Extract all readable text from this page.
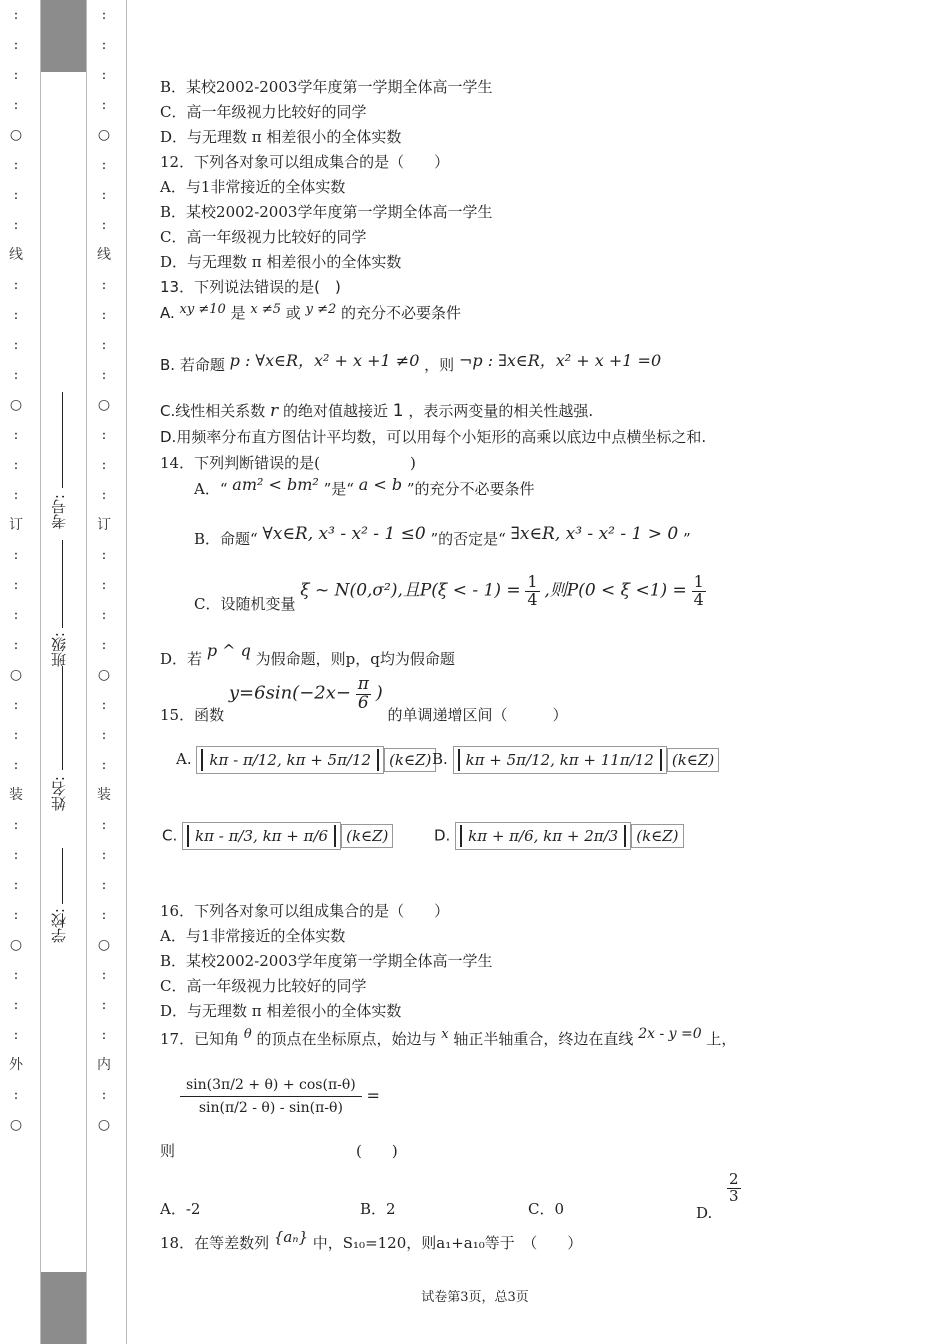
:
:
:
:
○
:
:
:
线
:
:
:
:
○
:
:
:
订
:
:
:
:
○
:
:
:
装
:
:
:
:
○
:
:
:
外
:
○
:
:
:
:
○
:
:
:
线
:
:
:
:
○
:
:
:
订
:
:
:
:
○
:
:
:
装
:
:
:
:
○
:
:
:
内
:
○
学校:
姓名:
班级:
考号:
B．某校2002-2003学年度第一学期全体高一学生
C．高一年级视力比较好的同学
D．与无理数 π 相差很小的全体实数
12．下列各对象可以组成集合的是（　　）
A．与1非常接近的全体实数
B．某校2002-2003学年度第一学期全体高一学生
C．高一年级视力比较好的同学
D．与无理数 π 相差很小的全体实数
13．下列说法错误的是(　)
A. xy ≠10 是 x ≠5 或 y ≠2 的充分不必要条件
B. 若命题 p : ∀x∈R，x² + x +1 ≠0 ，则 ¬p : ∃x∈R，x² + x +1 =0
C.线性相关系数 r 的绝对值越接近 1 ，表示两变量的相关性越强.
D.用频率分布直方图估计平均数，可以用每个小矩形的高乘以底边中点横坐标之和.
14．下列判断错误的是(　　　　　　)
A．“ am² < bm² ”是“ a < b ”的充分不必要条件
B．命题“ ∀x∈R, x³ - x² - 1 ≤0 ”的否定是“ ∃x∈R, x³ - x² - 1 > 0 ”
C．设随机变量 ξ ~ N(0,σ²),且P(ξ < - $1) = \frac{1}{4}$ ,则$P(0 < \xi <1) = \frac{1}{4}$
D．若 p ^ q 为假命题，则p，q均为假命题
15．函数 $y=6\sin(-2x- \frac{\pi}{6}$ ) 的单调递增区间（　　　）
A. kπ - π/12, kπ + 5π/12 (k∈Z) B. kπ + 5π/12, kπ + 11π/12 (k∈Z)
C. kπ - π/3, kπ + π/6 (k∈Z)	D. kπ + π/6, kπ + 2π/3 (k∈Z)
16．下列各对象可以组成集合的是（　　）
A．与1非常接近的全体实数
B．某校2002-2003学年度第一学期全体高一学生
C．高一年级视力比较好的同学
D．与无理数 π 相差很小的全体实数
17．已知角 θ 的顶点在坐标原点，始边与 x 轴正半轴重合，终边在直线 2x - y =0 上，
$\frac{\sin(3\pi/2 + \theta) + \cos(\pi-\theta)}{\sin(\pi/2 - \theta) - \sin(\pi-\theta)}$ =
则	(　　)
A．-2	B．2	C．0	D.
$\frac{2}{3}$
18．在等差数列 {aₙ} 中，S₁₀=120，则a₁+a₁₀等于　（　　）
试卷第3页，总3页
